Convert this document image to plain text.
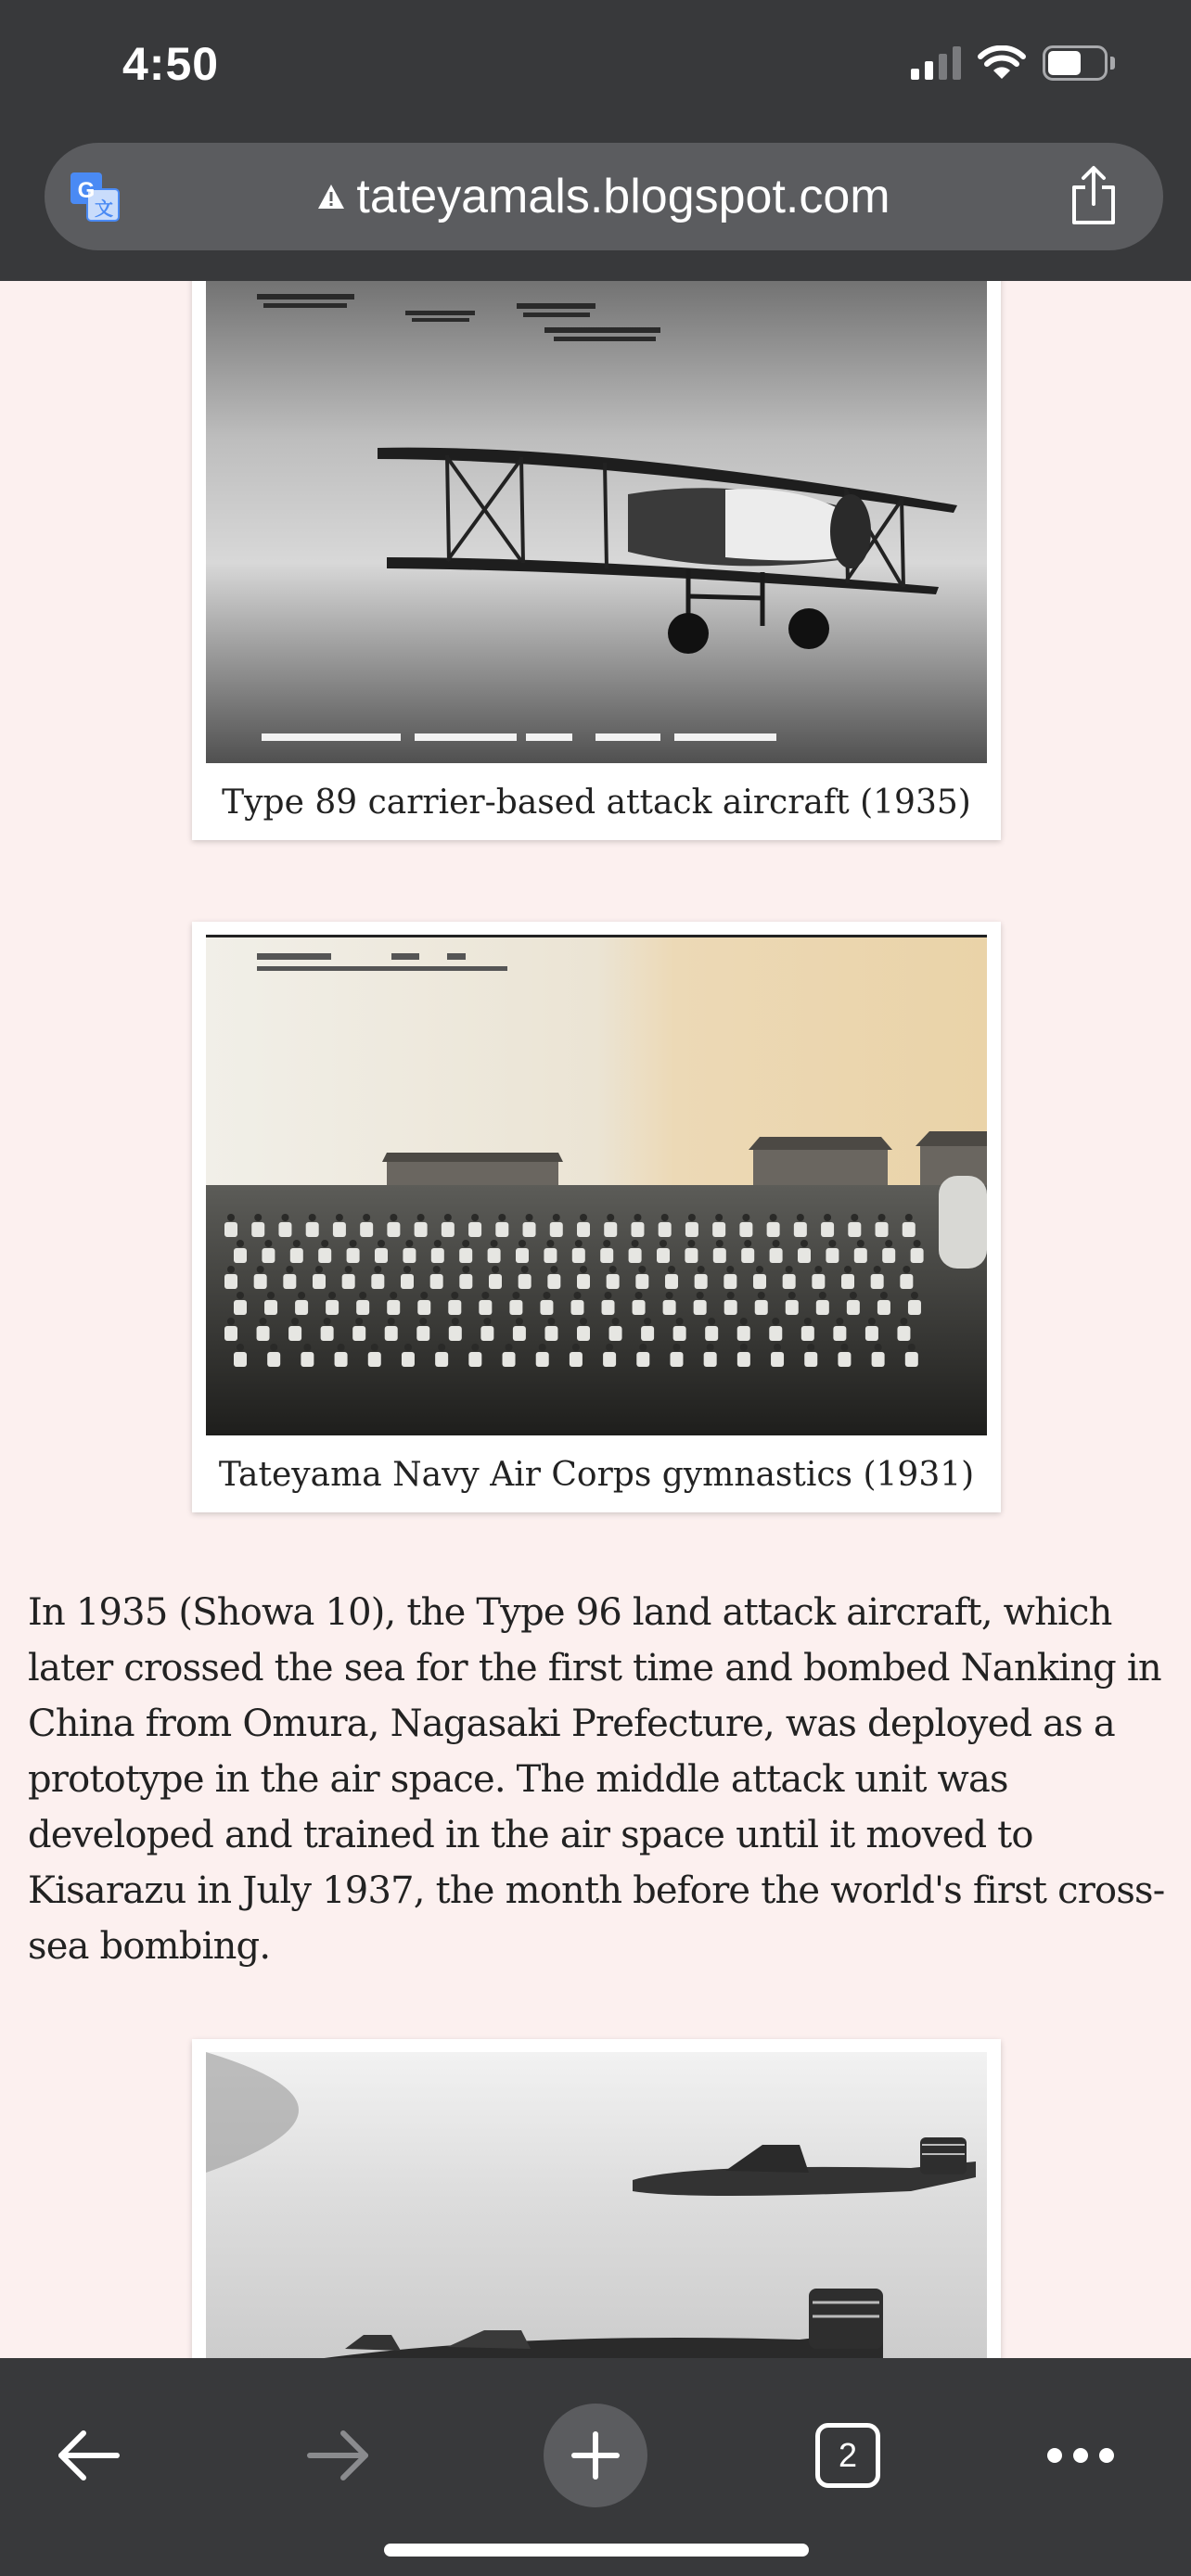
4:50
G
文	tateyamals.blogspot.com
Type 89 carrier-based attack aircraft (1935)
Tateyama Navy Air Corps gymnastics (1931)

In 1935 (Showa 10), the Type 96 land attack aircraft, which later crossed the sea for the first time and bombed Nanking in China from Omura, Nagasaki Prefecture, was deployed as a prototype in the air space. The middle attack unit was developed and trained in the air space until it moved to Kisarazu in July 1937, the month before the world's first cross-sea bombing.

2
